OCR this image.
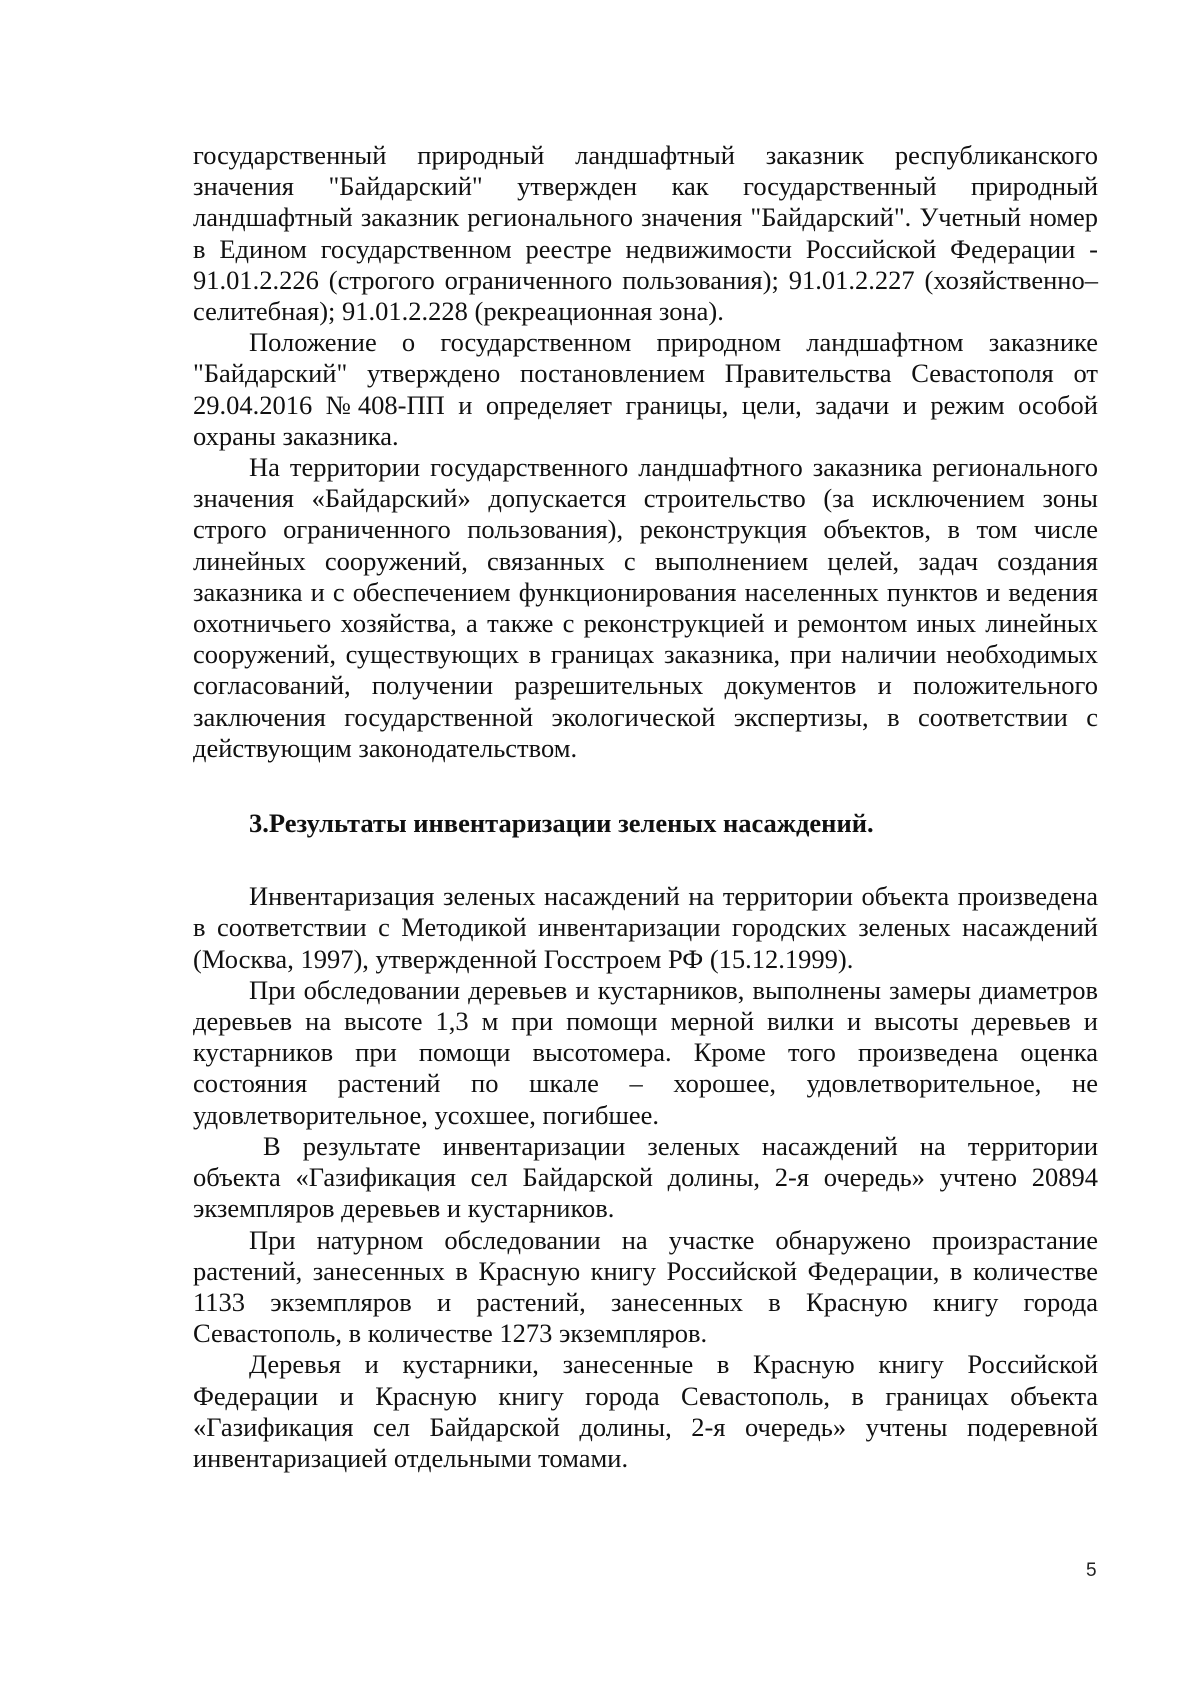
государственный природный ландшафтный заказник республиканского значения "Байдарский" утвержден как государственный природный ландшафтный заказник регионального значения "Байдарский". Учетный номер в Едином государственном реестре недвижимости Российской Федерации - 91.01.2.226 (строгого ограниченного пользования); 91.01.2.227 (хозяйственно–селитебная); 91.01.2.228 (рекреационная зона).

Положение о государственном природном ландшафтном заказнике "Байдарский" утверждено постановлением Правительства Севастополя от 29.04.2016 №408-ПП и определяет границы, цели, задачи и режим особой охраны заказника.

На территории государственного ландшафтного заказника регионального значения «Байдарский» допускается строительство (за исключением зоны строго ограниченного пользования), реконструкция объектов, в том числе линейных сооружений, связанных с выполнением целей, задач создания заказника и с обеспечением функционирования населенных пунктов и ведения охотничьего хозяйства, а также с реконструкцией и ремонтом иных линейных сооружений, существующих в границах заказника, при наличии необходимых согласований, получении разрешительных документов и положительного заключения государственной экологической экспертизы, в соответствии с действующим законодательством.

3.Результаты инвентаризации зеленых насаждений.

Инвентаризация зеленых насаждений на территории объекта произведена в соответствии с Методикой инвентаризации городских зеленых насаждений (Москва, 1997), утвержденной Госстроем РФ (15.12.1999).

При обследовании деревьев и кустарников, выполнены замеры диаметров деревьев на высоте 1,3 м при помощи мерной вилки и высоты деревьев и кустарников при помощи высотомера. Кроме того произведена оценка состояния растений по шкале – хорошее, удовлетворительное, не удовлетворительное, усохшее, погибшее.

В результате инвентаризации зеленых насаждений на территории объекта «Газификация сел Байдарской долины, 2-я очередь» учтено 20894 экземпляров деревьев и кустарников.

При натурном обследовании на участке обнаружено произрастание растений, занесенных в Красную книгу Российской Федерации, в количестве 1133 экземпляров и растений, занесенных в Красную книгу города Севастополь, в количестве 1273 экземпляров.

Деревья и кустарники, занесенные в Красную книгу Российской Федерации и Красную книгу города Севастополь, в границах объекта «Газификация сел Байдарской долины, 2-я очередь» учтены подеревной инвентаризацией отдельными томами.

5
